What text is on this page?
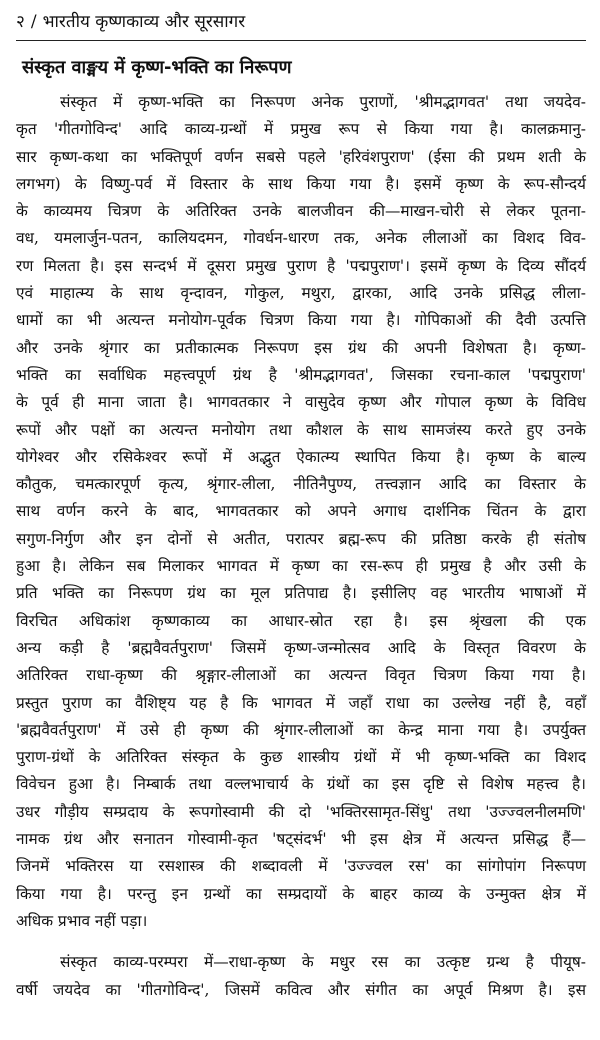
२ / भारतीय कृष्णकाव्य और सूरसागर
संस्कृत वाङ्मय में कृष्ण-भक्ति का निरूपण

संस्कृत में कृष्ण-भक्ति का निरूपण अनेक पुराणों, 'श्रीमद्भागवत' तथा जयदेव-
कृत 'गीतगोविन्द' आदि काव्य-ग्रन्थों में प्रमुख रूप से किया गया है। कालक्रमानु-
सार कृष्ण-कथा का भक्तिपूर्ण वर्णन सबसे पहले 'हरिवंशपुराण' (ईसा की प्रथम शती के
लगभग) के विष्णु-पर्व में विस्तार के साथ किया गया है। इसमें कृष्ण के रूप-सौन्दर्य
के काव्यमय चित्रण के अतिरिक्त उनके बालजीवन की—माखन-चोरी से लेकर पूतना-
वध, यमलार्जुन-पतन, कालियदमन, गोवर्धन-धारण तक, अनेक लीलाओं का विशद विव-
रण मिलता है। इस सन्दर्भ में दूसरा प्रमुख पुराण है 'पद्मपुराण'। इसमें कृष्ण के दिव्य सौंदर्य
एवं माहात्म्य के साथ वृन्दावन, गोकुल, मथुरा, द्वारका, आदि उनके प्रसिद्ध लीला-
धामों का भी अत्यन्त मनोयोग-पूर्वक चित्रण किया गया है। गोपिकाओं की दैवी उत्पत्ति
और उनके श्रृंगार का प्रतीकात्मक निरूपण इस ग्रंथ की अपनी विशेषता है। कृष्ण-
भक्ति का सर्वाधिक महत्त्वपूर्ण ग्रंथ है 'श्रीमद्भागवत', जिसका रचना-काल 'पद्मपुराण'
के पूर्व ही माना जाता है। भागवतकार ने वासुदेव कृष्ण और गोपाल कृष्ण के विविध
रूपों और पक्षों का अत्यन्त मनोयोग तथा कौशल के साथ सामजंस्य करते हुए उनके
योगेश्वर और रसिकेश्वर रूपों में अद्भुत ऐकात्म्य स्थापित किया है। कृष्ण के बाल्य
कौतुक, चमत्कारपूर्ण कृत्य, श्रृंगार-लीला, नीतिनैपुण्य, तत्त्वज्ञान आदि का विस्तार के
साथ वर्णन करने के बाद, भागवतकार को अपने अगाध दार्शनिक चिंतन के द्वारा
सगुण-निर्गुण और इन दोनों से अतीत, परात्पर ब्रह्म-रूप की प्रतिष्ठा करके ही संतोष
हुआ है। लेकिन सब मिलाकर भागवत में कृष्ण का रस-रूप ही प्रमुख है और उसी के
प्रति भक्ति का निरूपण ग्रंथ का मूल प्रतिपाद्य है। इसीलिए वह भारतीय भाषाओं में
विरचित अधिकांश कृष्णकाव्य का आधार-स्रोत रहा है। इस श्रृंखला की एक
अन्य कड़ी है 'ब्रह्मवैवर्तपुराण' जिसमें कृष्ण-जन्मोत्सव आदि के विस्तृत विवरण के
अतिरिक्त राधा-कृष्ण की श्रृङ्गार-लीलाओं का अत्यन्त विवृत चित्रण किया गया है।
प्रस्तुत पुराण का वैशिष्ट्य यह है कि भागवत में जहाँ राधा का उल्लेख नहीं है, वहाँ
'ब्रह्मवैवर्तपुराण' में उसे ही कृष्ण की श्रृंगार-लीलाओं का केन्द्र माना गया है। उपर्युक्त
पुराण-ग्रंथों के अतिरिक्त संस्कृत के कुछ शास्त्रीय ग्रंथों में भी कृष्ण-भक्ति का विशद
विवेचन हुआ है। निम्बार्क तथा वल्लभाचार्य के ग्रंथों का इस दृष्टि से विशेष महत्त्व है।
उधर गौड़ीय सम्प्रदाय के रूपगोस्वामी की दो 'भक्तिरसामृत-सिंधु' तथा 'उज्ज्वलनीलमणि'
नामक ग्रंथ और सनातन गोस्वामी-कृत 'षट्संदर्भ' भी इस क्षेत्र में अत्यन्त प्रसिद्ध हैं—
जिनमें भक्तिरस या रसशास्त्र की शब्दावली में 'उज्ज्वल रस' का सांगोपांग निरूपण
किया गया है। परन्तु इन ग्रन्थों का सम्प्रदायों के बाहर काव्य के उन्मुक्त क्षेत्र में
अधिक प्रभाव नहीं पड़ा।

संस्कृत काव्य-परम्परा में—राधा-कृष्ण के मधुर रस का उत्कृष्ट ग्रन्थ है पीयूष-
वर्षी जयदेव का 'गीतगोविन्द', जिसमें कवित्व और संगीत का अपूर्व मिश्रण है। इस
